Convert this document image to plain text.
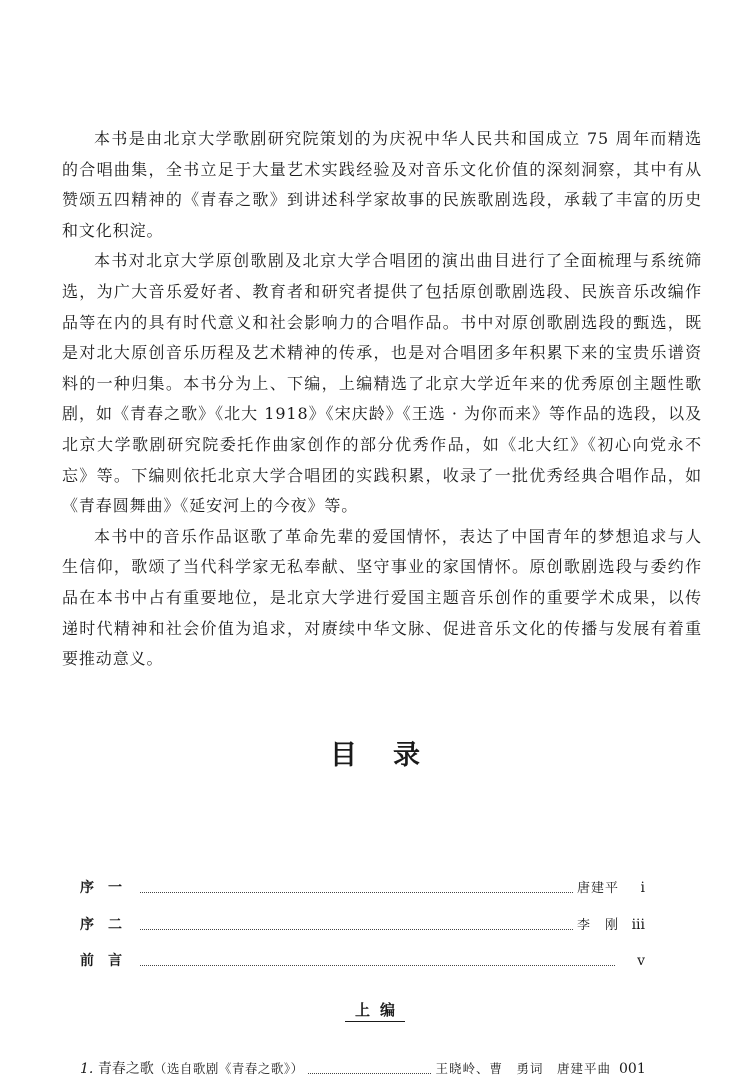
本书是由北京大学歌剧研究院策划的为庆祝中华人民共和国成立 75 周年而精选的合唱曲集，全书立足于大量艺术实践经验及对音乐文化价值的深刻洞察，其中有从赞颂五四精神的《青春之歌》到讲述科学家故事的民族歌剧选段，承载了丰富的历史和文化积淀。

本书对北京大学原创歌剧及北京大学合唱团的演出曲目进行了全面梳理与系统筛选，为广大音乐爱好者、教育者和研究者提供了包括原创歌剧选段、民族音乐改编作品等在内的具有时代意义和社会影响力的合唱作品。书中对原创歌剧选段的甄选，既是对北大原创音乐历程及艺术精神的传承，也是对合唱团多年积累下来的宝贵乐谱资料的一种归集。本书分为上、下编，上编精选了北京大学近年来的优秀原创主题性歌剧，如《青春之歌》《北大 1918》《宋庆龄》《王选 · 为你而来》等作品的选段，以及北京大学歌剧研究院委托作曲家创作的部分优秀作品，如《北大红》《初心向党永不忘》等。下编则依托北京大学合唱团的实践积累，收录了一批优秀经典合唱作品，如《青春圆舞曲》《延安河上的今夜》等。

本书中的音乐作品讴歌了革命先辈的爱国情怀，表达了中国青年的梦想追求与人生信仰，歌颂了当代科学家无私奉献、坚守事业的家国情怀。原创歌剧选段与委约作品在本书中占有重要地位，是北京大学进行爱国主题音乐创作的重要学术成果，以传递时代精神和社会价值为追求，对赓续中华文脉、促进音乐文化的传播与发展有着重要推动意义。

目录
序一	唐建平	i
序二	李　刚 iii
前言	v
上编
1. 青春之歌 （选自歌剧《青春之歌》）	王晓岭、曹　勇词　唐建平曲 001
